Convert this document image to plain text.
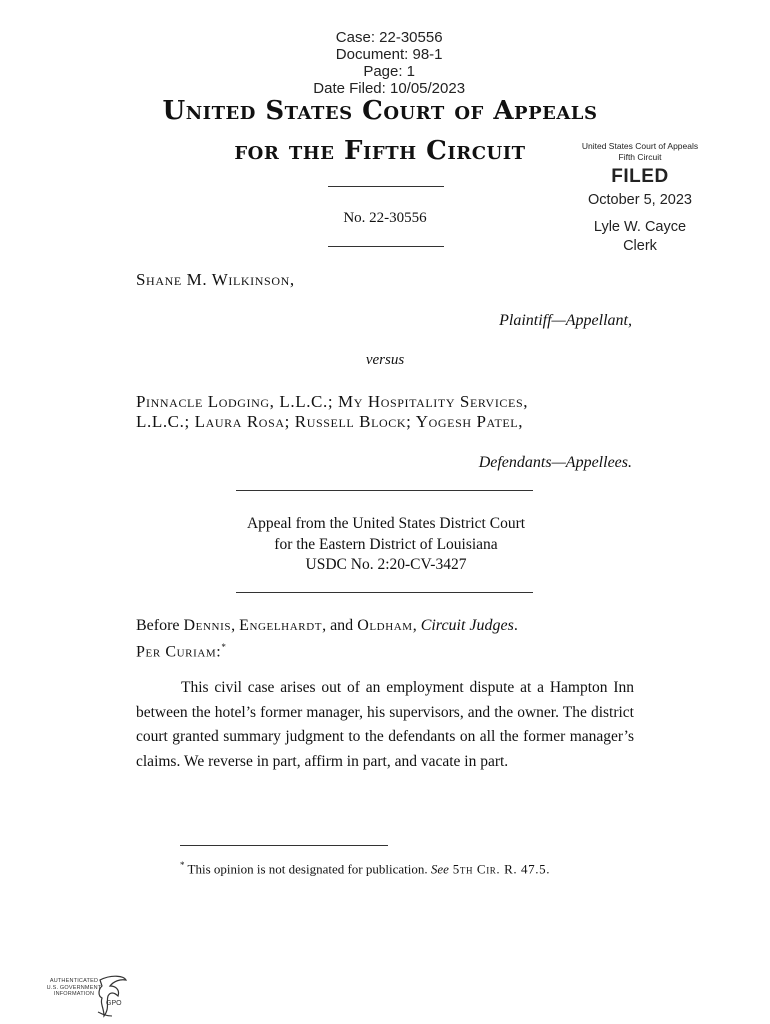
Case: 22-30556
Document: 98-1
Page: 1
Date Filed: 10/05/2023

United States Court of Appeals
for the Fifth Circuit	United States Court of Appeals
Fifth Circuit
FILED
October 5, 2023
Lyle W. Cayce
Clerk
No. 22-30556
Shane M. Wilkinson,
Plaintiff—Appellant,
versus
Pinnacle Lodging, L.L.C.; My Hospitality Services,
L.L.C.; Laura Rosa; Russell Block; Yogesh Patel,
Defendants—Appellees.
Appeal from the United States District Court
for the Eastern District of Louisiana
USDC No. 2:20-CV-3427
Before Dennis, Engelhardt, and Oldham, Circuit Judges.
Per Curiam:*
This civil case arises out of an employment dispute at a Hampton Inn between the hotel’s former manager, his supervisors, and the owner. The district court granted summary judgment to the defendants on all the former manager’s claims. We reverse in part, affirm in part, and vacate in part.
* This opinion is not designated for publication. See 5th Cir. R. 47.5.
AUTHENTICATED
U.S. GOVERNMENT
INFORMATION
GPO
